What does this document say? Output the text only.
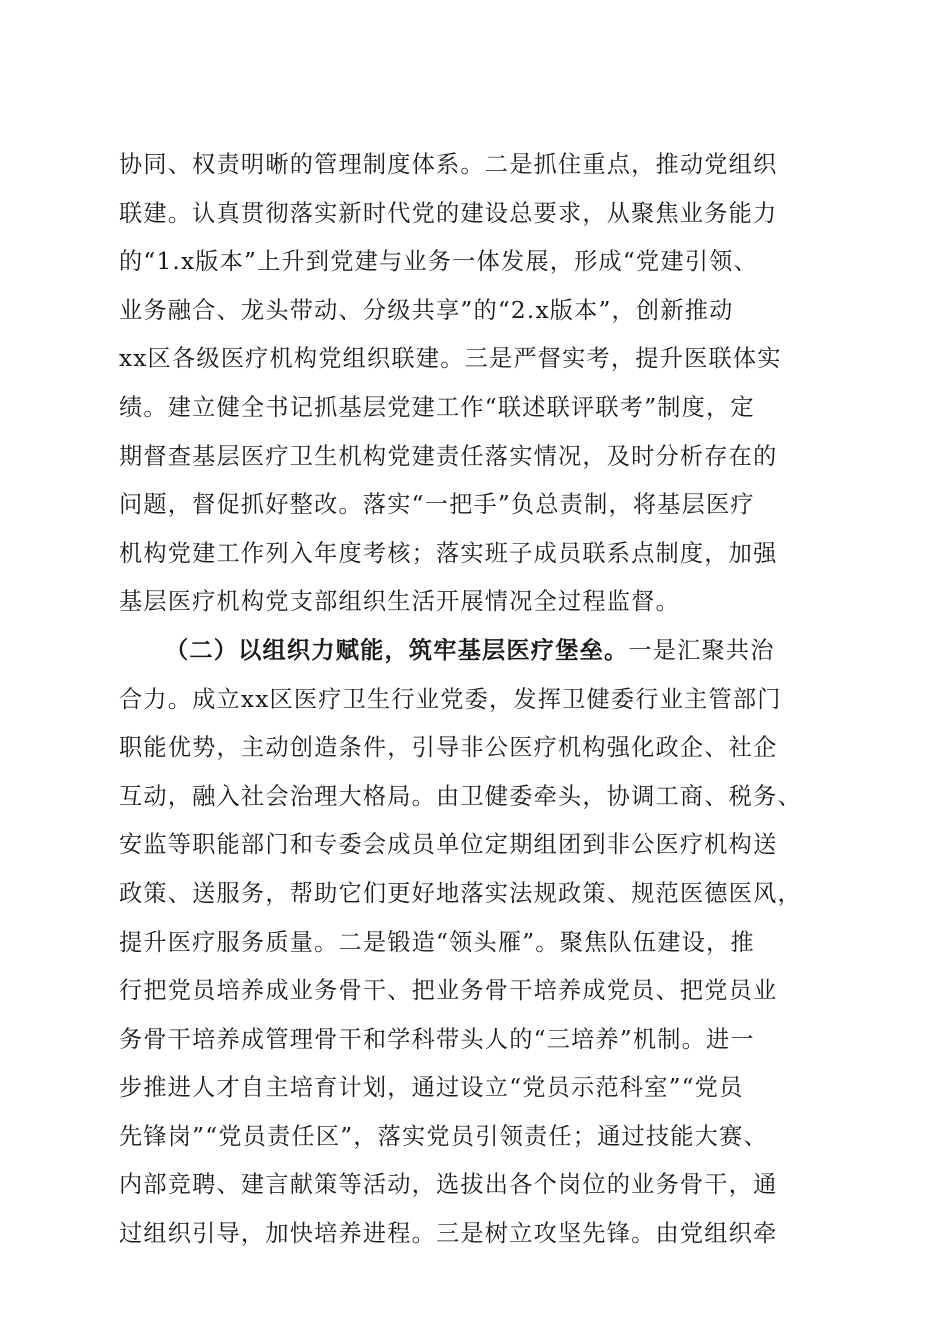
协同、权责明晰的管理制度体系。二是抓住重点，推动党组织
联建。认真贯彻落实新时代党的建设总要求，从聚焦业务能力
的“1.x版本”上升到党建与业务一体发展，形成“党建引领、
业务融合、龙头带动、分级共享”的“2.x版本”，创新推动
xx区各级医疗机构党组织联建。三是严督实考，提升医联体实
绩。建立健全书记抓基层党建工作“联述联评联考”制度，定
期督查基层医疗卫生机构党建责任落实情况，及时分析存在的
问题，督促抓好整改。落实“一把手”负总责制，将基层医疗
机构党建工作列入年度考核；落实班子成员联系点制度，加强
基层医疗机构党支部组织生活开展情况全过程监督。
（二）以组织力赋能，筑牢基层医疗堡垒。一是汇聚共治
合力。成立xx区医疗卫生行业党委，发挥卫健委行业主管部门
职能优势，主动创造条件，引导非公医疗机构强化政企、社企
互动，融入社会治理大格局。由卫健委牵头，协调工商、税务、
安监等职能部门和专委会成员单位定期组团到非公医疗机构送
政策、送服务，帮助它们更好地落实法规政策、规范医德医风，
提升医疗服务质量。二是锻造“领头雁”。聚焦队伍建设，推
行把党员培养成业务骨干、把业务骨干培养成党员、把党员业
务骨干培养成管理骨干和学科带头人的“三培养”机制。进一
步推进人才自主培育计划，通过设立“党员示范科室”“党员
先锋岗”“党员责任区”，落实党员引领责任；通过技能大赛、
内部竞聘、建言献策等活动，选拔出各个岗位的业务骨干，通
过组织引导，加快培养进程。三是树立攻坚先锋。由党组织牵
